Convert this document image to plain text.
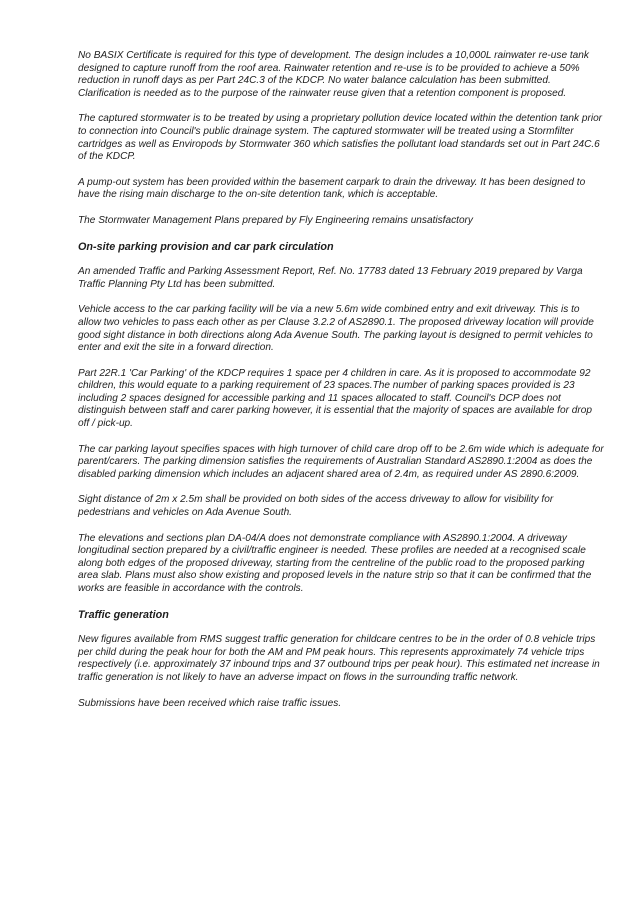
No BASIX Certificate is required for this type of development. The design includes a 10,000L rainwater re-use tank designed to capture runoff from the roof area. Rainwater retention and re-use is to be provided to achieve a 50% reduction in runoff days as per Part 24C.3 of the KDCP. No water balance calculation has been submitted. Clarification is needed as to the purpose of the rainwater reuse given that a retention component is proposed.

The captured stormwater is to be treated by using a proprietary pollution device located within the detention tank prior to connection into Council's public drainage system. The captured stormwater will be treated using a Stormfilter cartridges as well as Enviropods by Stormwater 360 which satisfies the pollutant load standards set out in Part 24C.6 of the KDCP.

A pump-out system has been provided within the basement carpark to drain the driveway. It has been designed to have the rising main discharge to the on-site detention tank, which is acceptable.

The Stormwater Management Plans prepared by Fly Engineering remains unsatisfactory

On-site parking provision and car park circulation

An amended Traffic and Parking Assessment Report, Ref. No. 17783 dated 13 February 2019 prepared by Varga Traffic Planning Pty Ltd has been submitted.

Vehicle access to the car parking facility will be via a new 5.6m wide combined entry and exit driveway. This is to allow two vehicles to pass each other as per Clause 3.2.2 of AS2890.1. The proposed driveway location will provide good sight distance in both directions along Ada Avenue South. The parking layout is designed to permit vehicles to enter and exit the site in a forward direction.

Part 22R.1 'Car Parking' of the KDCP requires 1 space per 4 children in care. As it is proposed to accommodate 92 children, this would equate to a parking requirement of 23 spaces.The number of parking spaces provided is 23 including 2 spaces designed for accessible parking and 11 spaces allocated to staff. Council's DCP does not distinguish between staff and carer parking however, it is essential that the majority of spaces are available for drop off / pick-up.

The car parking layout specifies spaces with high turnover of child care drop off to be 2.6m wide which is adequate for parent/carers. The parking dimension satisfies the requirements of Australian Standard AS2890.1:2004 as does the disabled parking dimension which includes an adjacent shared area of 2.4m, as required under AS 2890.6:2009.

Sight distance of 2m x 2.5m shall be provided on both sides of the access driveway to allow for visibility for pedestrians and vehicles on Ada Avenue South.

The elevations and sections plan DA-04/A does not demonstrate compliance with AS2890.1:2004. A driveway longitudinal section prepared by a civil/traffic engineer is needed. These profiles are needed at a recognised scale along both edges of the proposed driveway, starting from the centreline of the public road to the proposed parking area slab. Plans must also show existing and proposed levels in the nature strip so that it can be confirmed that the works are feasible in accordance with the controls.

Traffic generation

New figures available from RMS suggest traffic generation for childcare centres to be in the order of 0.8 vehicle trips per child during the peak hour for both the AM and PM peak hours. This represents approximately 74 vehicle trips respectively (i.e. approximately 37 inbound trips and 37 outbound trips per peak hour). This estimated net increase in traffic generation is not likely to have an adverse impact on flows in the surrounding traffic network.

Submissions have been received which raise traffic issues.
